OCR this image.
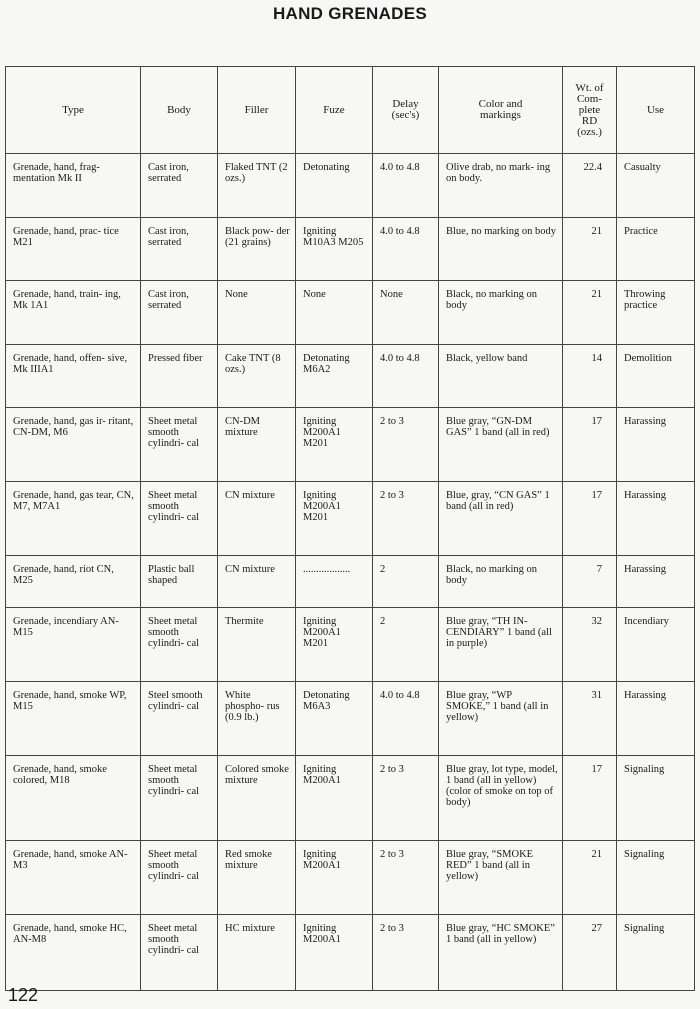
HAND GRENADES
Type	Body	Filler	Fuze	Delay (sec's)	Color and markings	Wt. of Com- plete RD (ozs.)	Use
Grenade, hand, frag- mentation Mk II	Cast iron, serrated	Flaked TNT (2 ozs.)	Detonating	4.0 to 4.8	Olive drab, no mark- ing on body.	22.4	Casualty
Grenade, hand, prac- tice M21	Cast iron, serrated	Black pow- der (21 grains)	Igniting M10A3 M205	4.0 to 4.8	Blue, no marking on body	21	Practice
Grenade, hand, train- ing, Mk 1A1	Cast iron, serrated	None	None	None	Black, no marking on body	21	Throwing practice
Grenade, hand, offen- sive, Mk IIIA1	Pressed fiber	Cake TNT (8 ozs.)	Detonating M6A2	4.0 to 4.8	Black, yellow band	14	Demolition
Grenade, hand, gas ir- ritant, CN-DM, M6	Sheet metal smooth cylindri- cal	CN-DM mixture	Igniting M200A1 M201	2 to 3	Blue gray, “GN-DM GAS” 1 band (all in red)	17	Harassing
Grenade, hand, gas tear, CN, M7, M7A1	Sheet metal smooth cylindri- cal	CN mixture	Igniting M200A1 M201	2 to 3	Blue, gray, “CN GAS” 1 band (all in red)	17	Harassing
Grenade, hand, riot CN, M25	Plastic ball shaped	CN mixture	..................	2	Black, no marking on body	7	Harassing
Grenade, incendiary AN-M15	Sheet metal smooth cylindri- cal	Thermite	Igniting M200A1 M201	2	Blue gray, “TH IN- CENDIARY” 1 band (all in purple)	32	Incendiary
Grenade, hand, smoke WP, M15	Steel smooth cylindri- cal	White phospho- rus (0.9 lb.)	Detonating M6A3	4.0 to 4.8	Blue gray, “WP SMOKE,” 1 band (all in yellow)	31	Harassing
Grenade, hand, smoke colored, M18	Sheet metal smooth cylindri- cal	Colored smoke mixture	Igniting M200A1	2 to 3	Blue gray, lot type, model, 1 band (all in yellow) (color of smoke on top of body)	17	Signaling
Grenade, hand, smoke AN-M3	Sheet metal smooth cylindri- cal	Red smoke mixture	Igniting M200A1	2 to 3	Blue gray, “SMOKE RED” 1 band (all in yellow)	21	Signaling
Grenade, hand, smoke HC, AN-M8	Sheet metal smooth cylindri- cal	HC mixture	Igniting M200A1	2 to 3	Blue gray, “HC SMOKE” 1 band (all in yellow)	27	Signaling
122
